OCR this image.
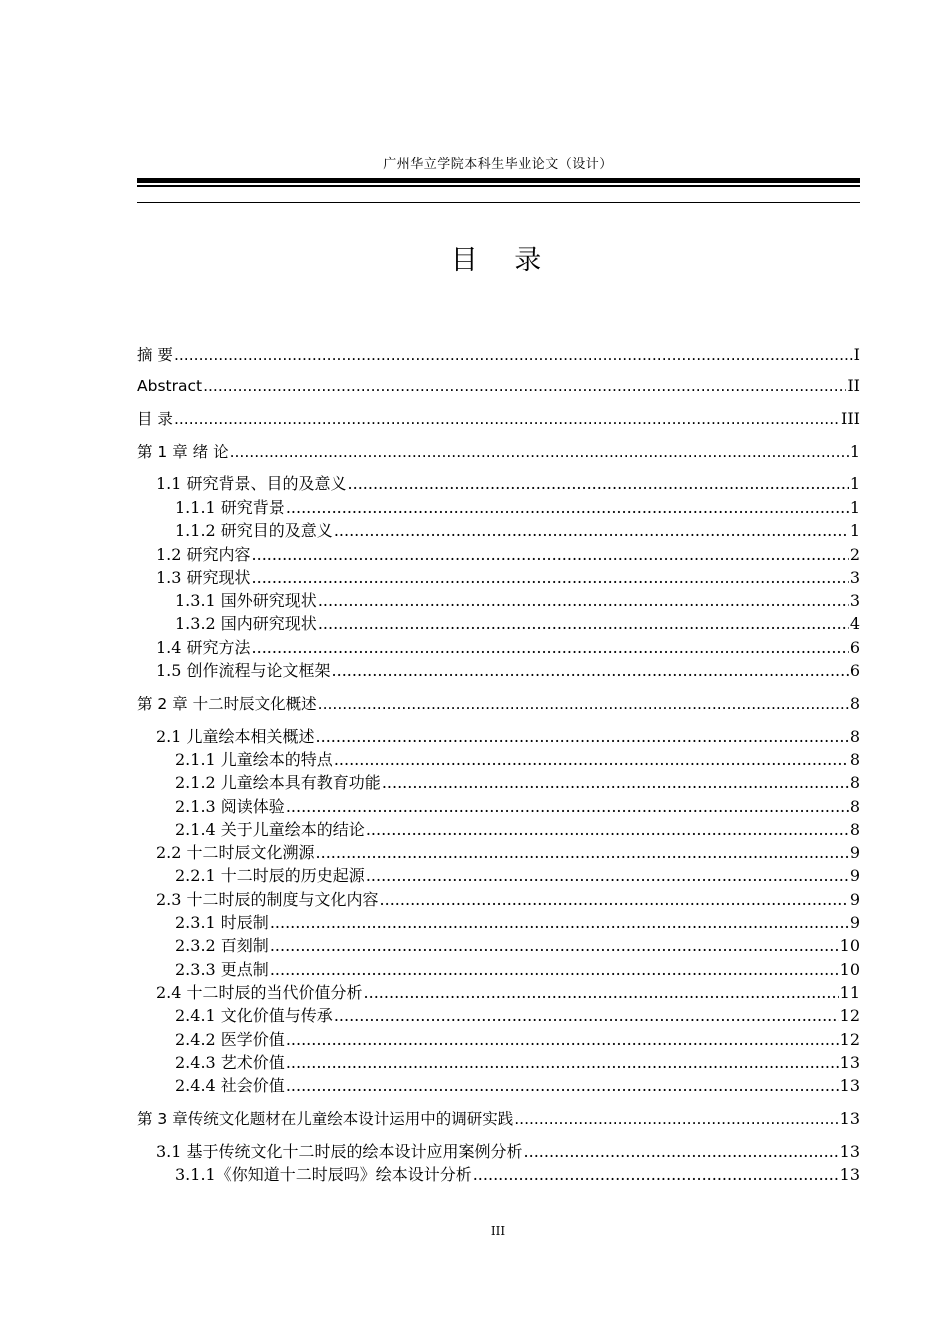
广州华立学院本科生毕业论文（设计）
目 录
摘 要 .....	I
Abstract .....	II
目 录 .....	III
第 1 章 绪 论 .....	1
1.1 研究背景、目的及意义 .....	1
1.1.1 研究背景 .....	1
1.1.2 研究目的及意义 .....	1
1.2 研究内容 .....	2
1.3 研究现状 .....	3
1.3.1 国外研究现状 .....	3
1.3.2 国内研究现状 .....	4
1.4 研究方法 .....	6
1.5 创作流程与论文框架 .....	6
第 2 章 十二时辰文化概述 .....	8
2.1 儿童绘本相关概述 .....	8
2.1.1 儿童绘本的特点 .....	8
2.1.2 儿童绘本具有教育功能 .....	8
2.1.3 阅读体验 .....	8
2.1.4 关于儿童绘本的结论 .....	8
2.2 十二时辰文化溯源 .....	9
2.2.1 十二时辰的历史起源 .....	9
2.3 十二时辰的制度与文化内容 .....	9
2.3.1 时辰制 .....	9
2.3.2 百刻制 .....	10
2.3.3 更点制 .....	10
2.4 十二时辰的当代价值分析 .....	11
2.4.1 文化价值与传承 .....	12
2.4.2 医学价值 .....	12
2.4.3 艺术价值 .....	13
2.4.4 社会价值 .....	13
第 3 章传统文化题材在儿童绘本设计运用中的调研实践 .....	13
3.1 基于传统文化十二时辰的绘本设计应用案例分析 .....	13
3.1.1《你知道十二时辰吗》绘本设计分析 .....	13
III
